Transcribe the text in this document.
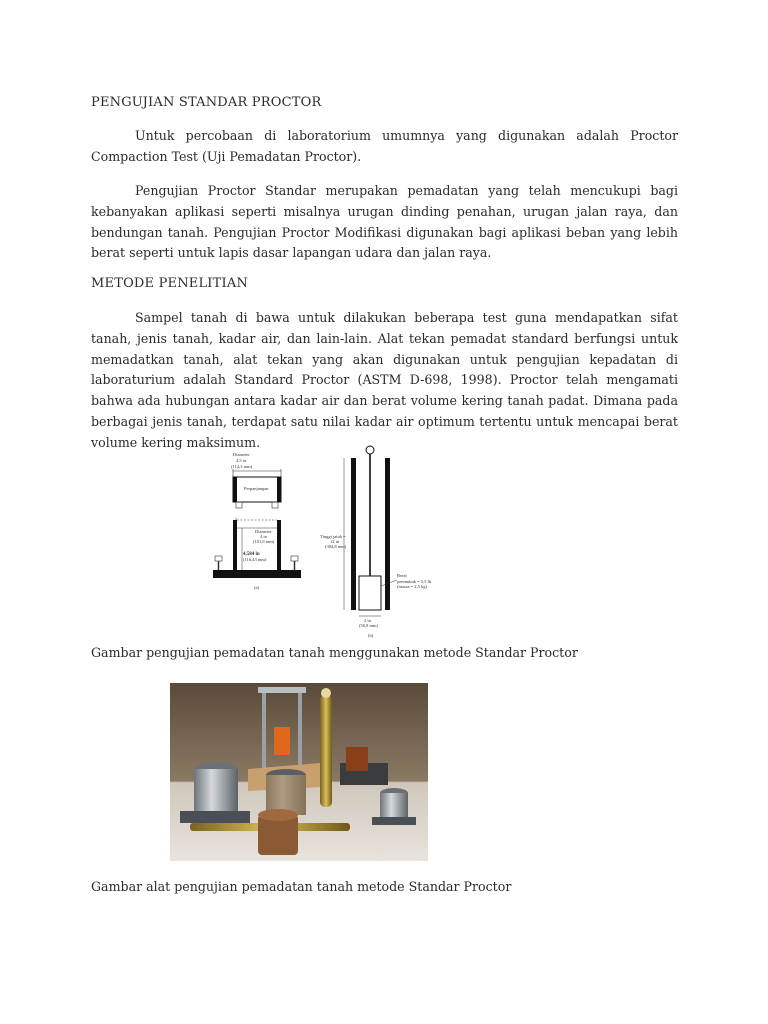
PENGUJIAN STANDAR PROCTOR

Untuk percobaan di laboratorium umumnya yang digunakan adalah Proctor Compaction Test (Uji Pemadatan Proctor).

Pengujian Proctor Standar merupakan pemadatan yang telah mencukupi bagi kebanyakan aplikasi seperti misalnya urugan dinding penahan, urugan jalan raya, dan bendungan tanah. Pengujian Proctor Modifikasi digunakan bagi aplikasi beban yang lebih berat seperti untuk lapis dasar lapangan udara dan jalan raya.

METODE PENELITIAN

Sampel tanah di bawa untuk dilakukan beberapa test guna mendapatkan sifat tanah, jenis tanah, kadar air, dan lain-lain. Alat tekan pemadat standard berfungsi untuk memadatkan tanah, alat tekan yang akan digunakan untuk pengujian kepadatan di laboraturium adalah Standard Proctor (ASTM D-698, 1998). Proctor telah mengamati bahwa ada hubungan antara kadar air dan berat volume kering tanah padat. Dimana pada berbagai jenis tanah, terdapat satu nilai kadar air optimum tertentu untuk mencapai berat volume kering maksimum.

Diameter
4.5 in
(114,3 mm)
Perpanjangan
Diameter
4 in
(101,6 mm)
4,584 in
(116,43 mm)
(a)
Tinggi jatuh =
12 in
(304,8 mm)
Berat
penumbuk = 5,5 lb
(massa = 2,5 kg)
2 in
(50,8 mm)
(b)
Gambar pengujian pemadatan tanah menggunakan metode Standar Proctor
Gambar alat pengujian pemadatan tanah metode Standar Proctor
